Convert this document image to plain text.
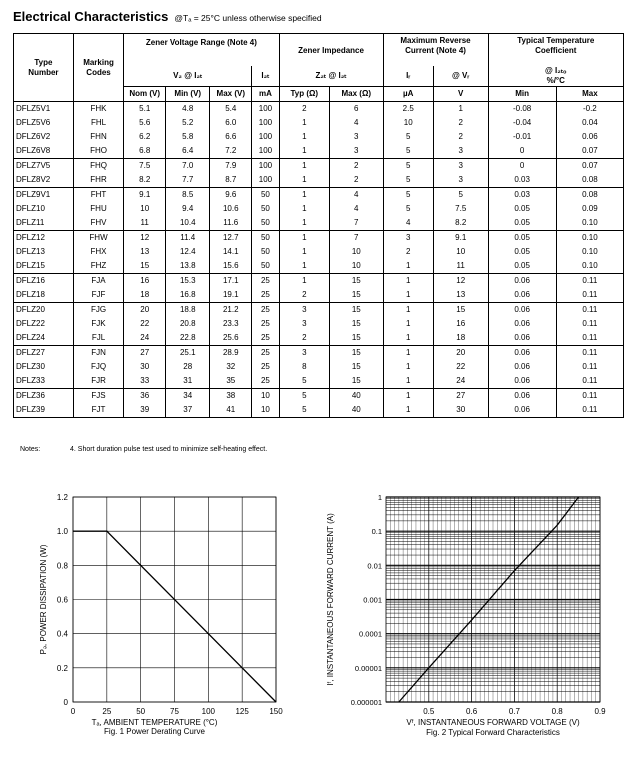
Electrical Characteristics @Tₐ = 25°C unless otherwise specified
Type Number	Marking Codes	Zener Voltage Range (Note 4)				Zener Impedance		Maximum Reverse Current (Note 4)		Typical Temperature Coefficient	
		V₂ @ I₂ₜ			I₂ₜ	Z₂ₜ @ I₂ₜ		Iᵣ	@ Vᵣ	@ I₂ₜₒ
%/°C	
		Nom (V)	Min (V)	Max (V)	mA	Typ (Ω)	Max (Ω)	µA	V	Min	Max
DFLZ5V1	FHK	5.1	4.8	5.4	100	2	6	2.5	1	-0.08	-0.2
DFLZ5V6	FHL	5.6	5.2	6.0	100	1	4	10	2	-0.04	0.04
DFLZ6V2	FHN	6.2	5.8	6.6	100	1	3	5	2	-0.01	0.06
DFLZ6V8	FHO	6.8	6.4	7.2	100	1	3	5	3	0	0.07
DFLZ7V5	FHQ	7.5	7.0	7.9	100	1	2	5	3	0	0.07
DFLZ8V2	FHR	8.2	7.7	8.7	100	1	2	5	3	0.03	0.08
DFLZ9V1	FHT	9.1	8.5	9.6	50	1	4	5	5	0.03	0.08
DFLZ10	FHU	10	9.4	10.6	50	1	4	5	7.5	0.05	0.09
DFLZ11	FHV	11	10.4	11.6	50	1	7	4	8.2	0.05	0.10
DFLZ12	FHW	12	11.4	12.7	50	1	7	3	9.1	0.05	0.10
DFLZ13	FHX	13	12.4	14.1	50	1	10	2	10	0.05	0.10
DFLZ15	FHZ	15	13.8	15.6	50	1	10	1	11	0.05	0.10
DFLZ16	FJA	16	15.3	17.1	25	1	15	1	12	0.06	0.11
DFLZ18	FJF	18	16.8	19.1	25	2	15	1	13	0.06	0.11
DFLZ20	FJG	20	18.8	21.2	25	3	15	1	15	0.06	0.11
DFLZ22	FJK	22	20.8	23.3	25	3	15	1	16	0.06	0.11
DFLZ24	FJL	24	22.8	25.6	25	2	15	1	18	0.06	0.11
DFLZ27	FJN	27	25.1	28.9	25	3	15	1	20	0.06	0.11
DFLZ30	FJQ	30	28	32	25	8	15	1	22	0.06	0.11
DFLZ33	FJR	33	31	35	25	5	15	1	24	0.06	0.11
DFLZ36	FJS	36	34	38	10	5	40	1	27	0.06	0.11
DFLZ39	FJT	39	37	41	10	5	40	1	30	0.06	0.11
Notes:	4. Short duration pulse test used to minimize self-heating effect.
0	25	50	75	100	125	150
0
0.2
0.4
0.6
0.8
1.0
1.2
Tₐ, AMBIENT TEMPERATURE (°C)
Fig. 1 Power Derating Curve
Pₔ, POWER DISSIPATION (W)
0.5	0.6	0.7	0.8	0.9
1
0.1
0.01
0.001
0.0001
0.00001
0.000001
Vᶠ, INSTANTANEOUS FORWARD VOLTAGE (V)
Fig. 2 Typical Forward Characteristics
Iᶠ, INSTANTANEOUS FORWARD CURRENT (A)
